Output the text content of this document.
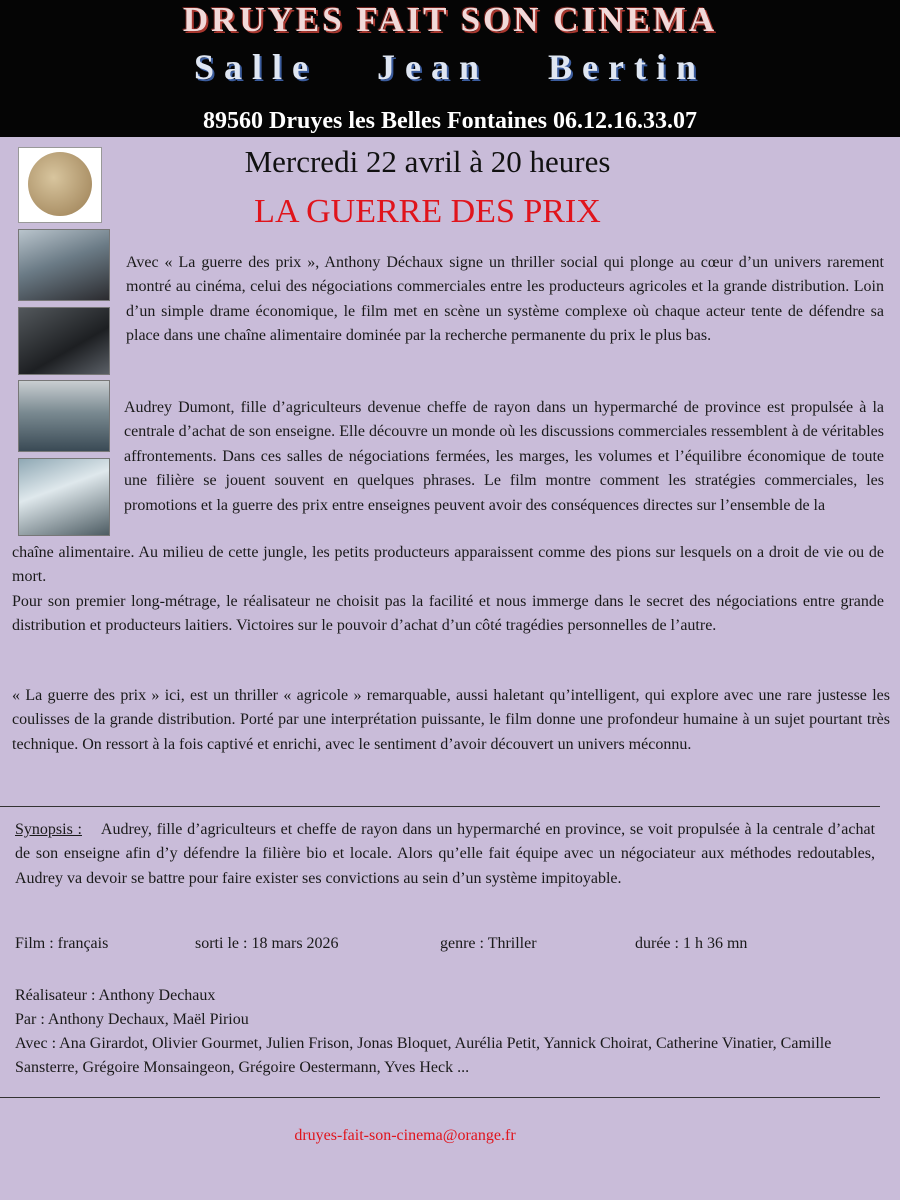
DRUYES FAIT SON CINEMA
Salle Jean Bertin
89560 Druyes les Belles Fontaines 06.12.16.33.07
Mercredi 22 avril à 20 heures
LA GUERRE DES PRIX

Avec « La guerre des prix », Anthony Déchaux signe un thriller social qui plonge au cœur d’un univers rarement montré au cinéma, celui des négociations commerciales entre les producteurs agricoles et la grande distribution. Loin d’un simple drame économique, le film met en scène un système complexe où chaque acteur tente de défendre sa place dans une chaîne alimentaire dominée par la recherche permanente du prix le plus bas.

Audrey Dumont, fille d’agriculteurs devenue cheffe de rayon dans un hypermarché de province est propulsée à la centrale d’achat de son enseigne. Elle découvre un monde où les discussions commerciales ressemblent à de véritables affrontements. Dans ces salles de négociations fermées, les marges, les volumes et l’équilibre économique de toute une filière se jouent souvent en quelques phrases. Le film montre comment les stratégies commerciales, les promotions et la guerre des prix entre enseignes peuvent avoir des conséquences directes sur l’ensemble de la

chaîne alimentaire. Au milieu de cette jungle, les petits producteurs apparaissent comme des pions sur lesquels on a droit de vie ou de mort.

Pour son premier long-métrage, le réalisateur ne choisit pas la facilité et nous immerge dans le secret des négociations entre grande distribution et producteurs laitiers. Victoires sur le pouvoir d’achat d’un côté tragédies personnelles de l’autre.

« La guerre des prix » ici, est un thriller « agricole » remarquable, aussi haletant qu’intelligent, qui explore avec une rare justesse les coulisses de la grande distribution. Porté par une interprétation puissante, le film donne une profondeur humaine à un sujet pourtant très technique. On ressort à la fois captivé et enrichi, avec le sentiment d’avoir découvert un univers méconnu.

Synopsis : Audrey, fille d’agriculteurs et cheffe de rayon dans un hypermarché en province, se voit propulsée à la centrale d’achat de son enseigne afin d’y défendre la filière bio et locale. Alors qu’elle fait équipe avec un négociateur aux méthodes redoutables, Audrey va devoir se battre pour faire exister ses convictions au sein d’un système impitoyable.

Film : français	sorti le : 18 mars 2026	genre : Thriller	durée : 1 h 36 mn

Réalisateur : Anthony Dechaux

Par : Anthony Dechaux, Maël Piriou

Avec : Ana Girardot, Olivier Gourmet, Julien Frison, Jonas Bloquet, Aurélia Petit, Yannick Choirat, Catherine Vinatier, Camille Sansterre, Grégoire Monsaingeon, Grégoire Oestermann, Yves Heck ...

druyes-fait-son-cinema@orange.fr
